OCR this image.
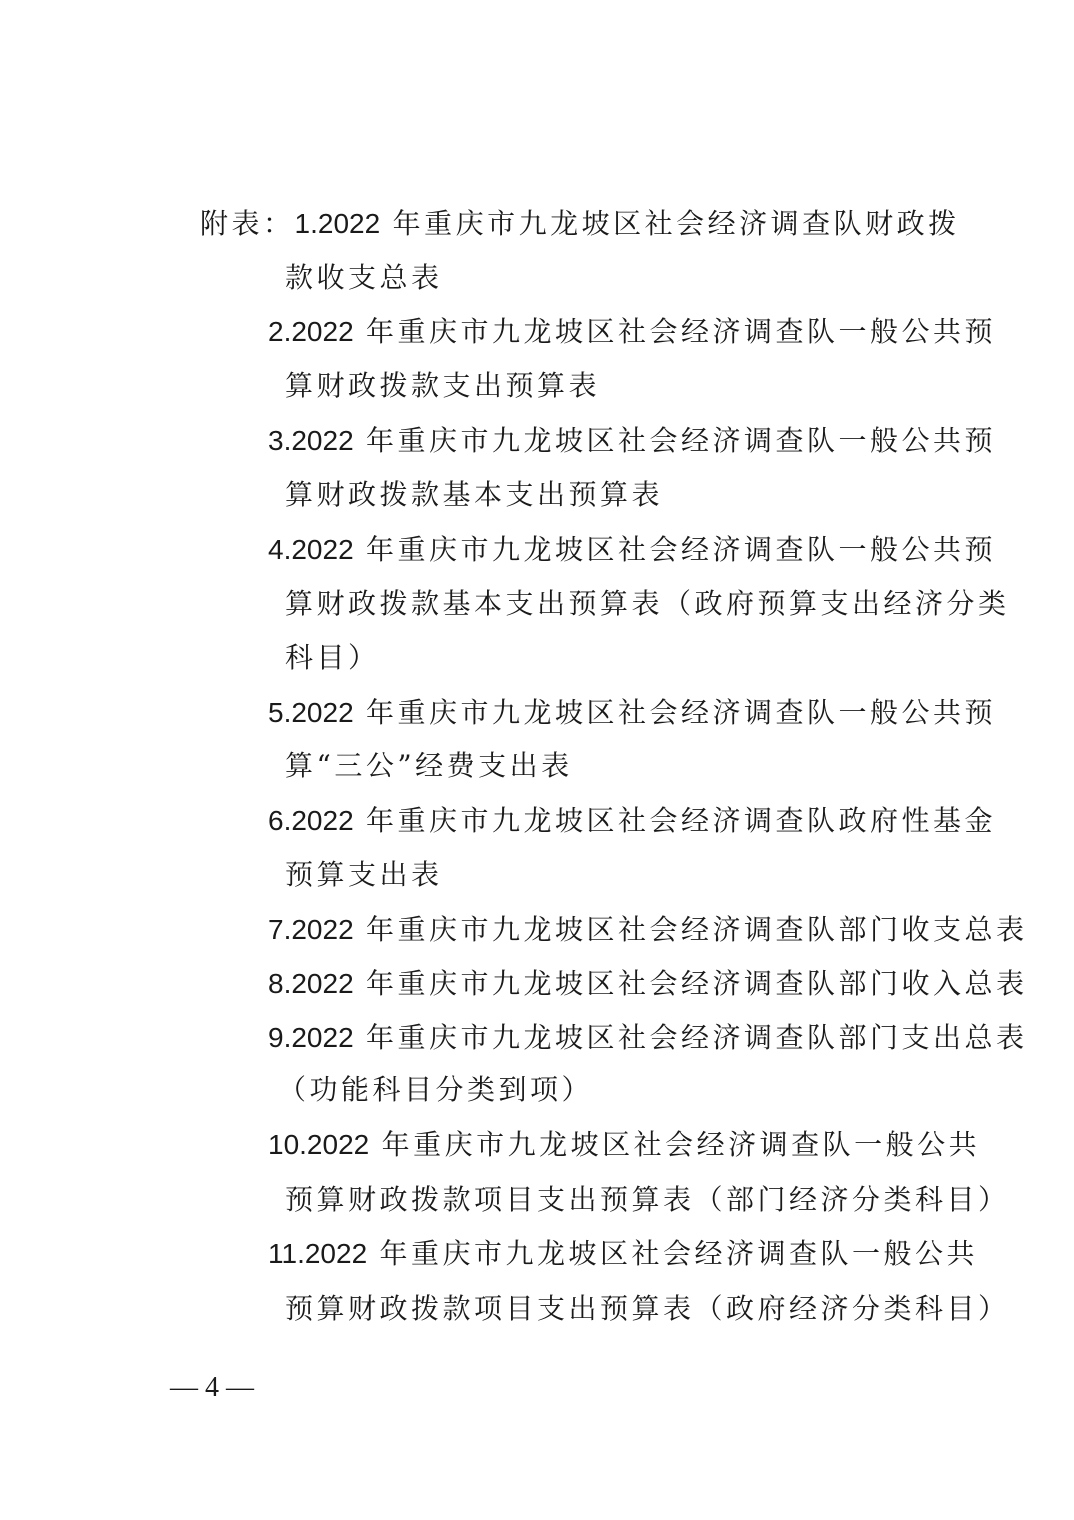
附表：1.2022 年重庆市九龙坡区社会经济调查队财政拨
款收支总表
2.2022 年重庆市九龙坡区社会经济调查队一般公共预
算财政拨款支出预算表
3.2022 年重庆市九龙坡区社会经济调查队一般公共预
算财政拨款基本支出预算表
4.2022 年重庆市九龙坡区社会经济调查队一般公共预
算财政拨款基本支出预算表（政府预算支出经济分类
科目）
5.2022 年重庆市九龙坡区社会经济调查队一般公共预
算“三公”经费支出表
6.2022 年重庆市九龙坡区社会经济调查队政府性基金
预算支出表
7.2022 年重庆市九龙坡区社会经济调查队部门收支总表
8.2022 年重庆市九龙坡区社会经济调查队部门收入总表
9.2022 年重庆市九龙坡区社会经济调查队部门支出总表
（功能科目分类到项）
10.2022 年重庆市九龙坡区社会经济调查队一般公共
预算财政拨款项目支出预算表（部门经济分类科目）
11.2022 年重庆市九龙坡区社会经济调查队一般公共
预算财政拨款项目支出预算表（政府经济分类科目）
— 4 —
